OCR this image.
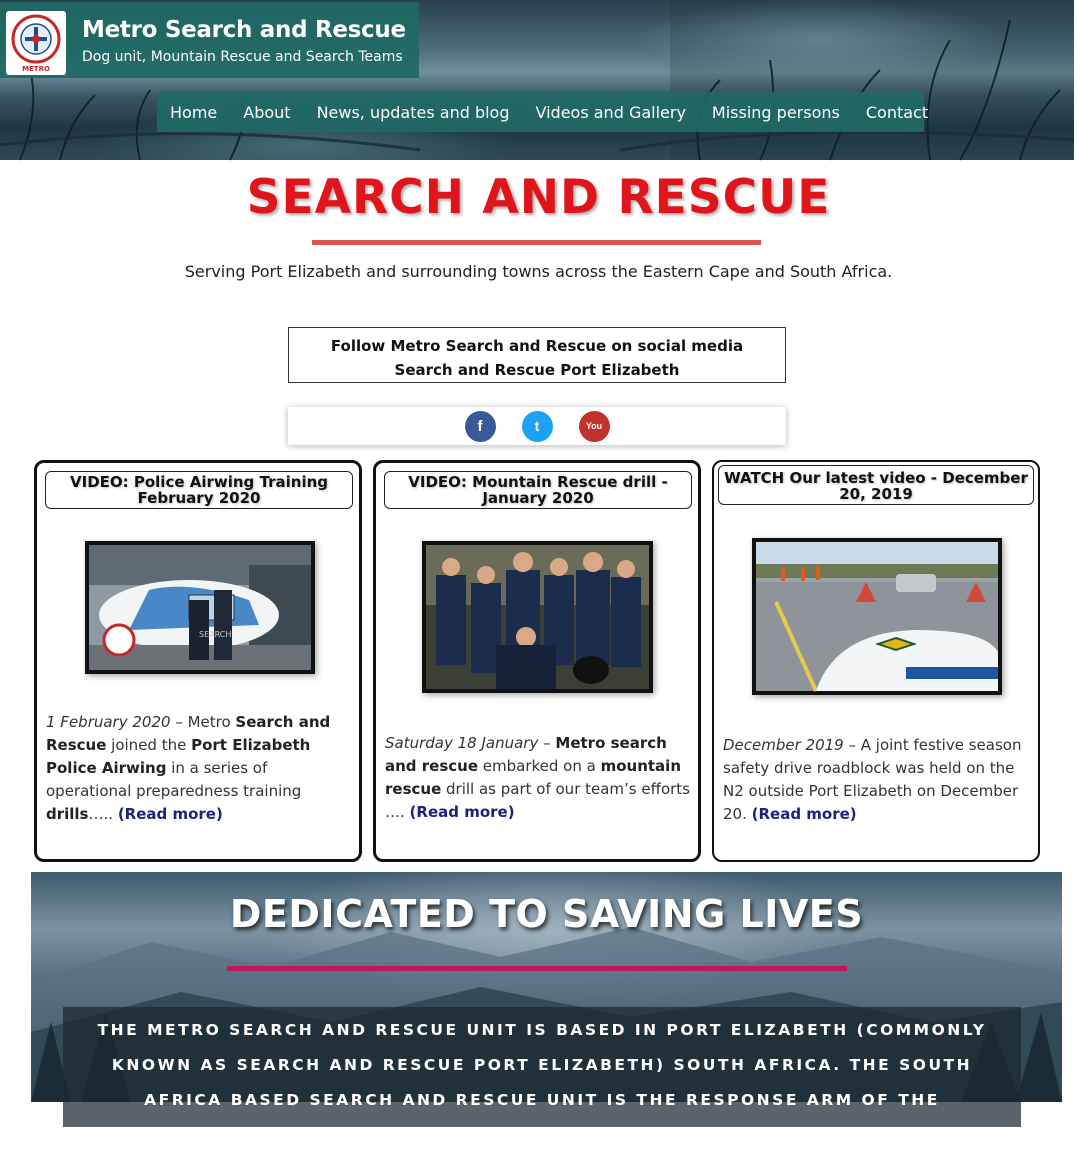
METRO
Metro Search and Rescue
Dog unit, Mountain Rescue and Search Teams
Home	About	News, updates and blog	Videos and Gallery	Missing persons	Contact
SEARCH AND RESCUE

Serving Port Elizabeth and surrounding towns across the Eastern Cape and South Africa.

Follow Metro Search and Rescue on social media
Search and Rescue Port Elizabeth
f	t	You
VIDEO: Police Airwing Training February 2020
SEARCH
1 February 2020 – Metro Search and Rescue joined the Port Elizabeth Police Airwing in a series of operational preparedness training drills….. (Read more)
VIDEO: Mountain Rescue drill - January 2020
Saturday 18 January – Metro search and rescue embarked on a mountain rescue drill as part of our team’s efforts …. (Read more)
WATCH Our latest video - December 20, 2019
December 2019 – A joint festive season safety drive roadblock was held on the N2 outside Port Elizabeth on December 20. (Read more)
DEDICATED TO SAVING LIVES
THE METRO SEARCH AND RESCUE UNIT IS BASED IN PORT ELIZABETH (COMMONLY KNOWN AS SEARCH AND RESCUE PORT ELIZABETH) SOUTH AFRICA. THE SOUTH AFRICA BASED SEARCH AND RESCUE UNIT IS THE RESPONSE ARM OF THE MUNICIPAL
